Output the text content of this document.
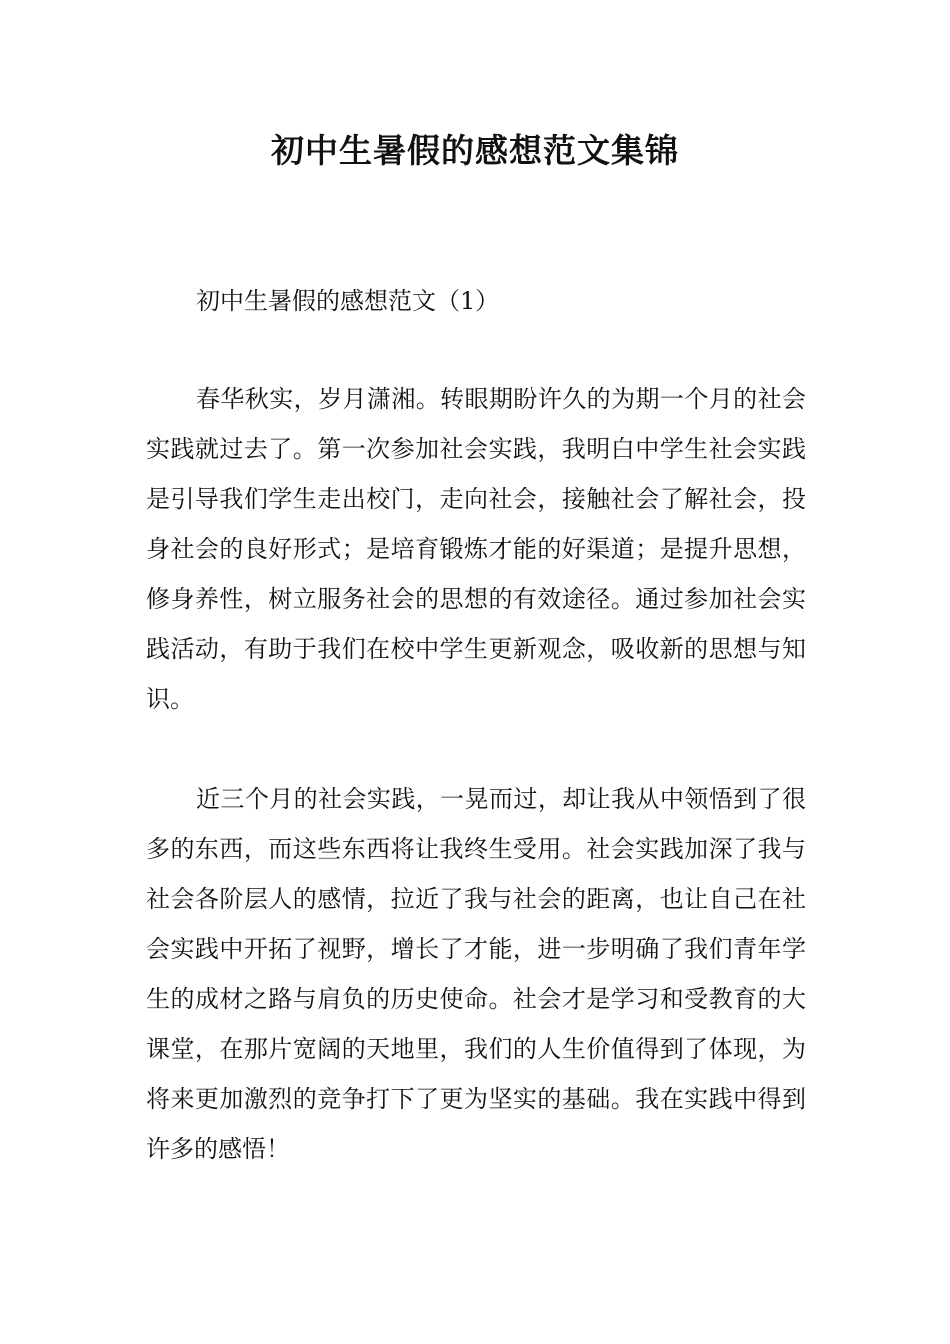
初中生暑假的感想范文集锦

初中生暑假的感想范文（1）

春华秋实，岁月潇湘。转眼期盼许久的为期一个月的社会实践就过去了。第一次参加社会实践，我明白中学生社会实践是引导我们学生走出校门，走向社会，接触社会了解社会，投身社会的良好形式；是培育锻炼才能的好渠道；是提升思想，修身养性，树立服务社会的思想的有效途径。通过参加社会实践活动，有助于我们在校中学生更新观念，吸收新的思想与知识。

近三个月的社会实践，一晃而过，却让我从中领悟到了很多的东西，而这些东西将让我终生受用。社会实践加深了我与社会各阶层人的感情，拉近了我与社会的距离，也让自己在社会实践中开拓了视野，增长了才能，进一步明确了我们青年学生的成材之路与肩负的历史使命。社会才是学习和受教育的大课堂，在那片宽阔的天地里，我们的人生价值得到了体现，为将来更加激烈的竞争打下了更为坚实的基础。我在实践中得到许多的感悟！
